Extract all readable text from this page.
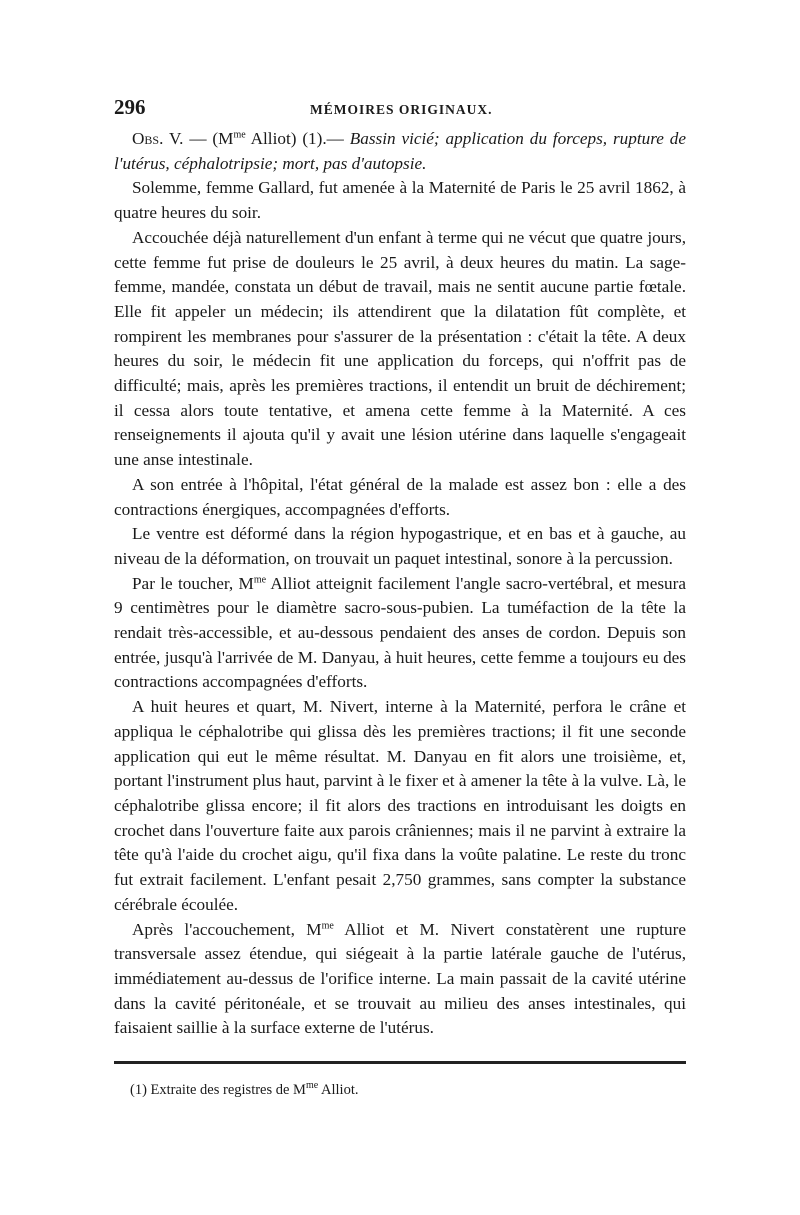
296	MÉMOIRES ORIGINAUX.

Obs. V. — ($M^{me}$ Alliot) (1).— Bassin vicié; application du forceps, rupture de l'utérus, céphalotripsie; mort, pas d'autopsie.

Solemme, femme Gallard, fut amenée à la Maternité de Paris le 25 avril 1862, à quatre heures du soir.

Accouchée déjà naturellement d'un enfant à terme qui ne vécut que quatre jours, cette femme fut prise de douleurs le 25 avril, à deux heures du matin. La sage-femme, mandée, constata un début de travail, mais ne sentit aucune partie fœtale. Elle fit appeler un médecin; ils attendirent que la dilatation fût complète, et rompirent les membranes pour s'assurer de la présentation : c'était la tête. A deux heures du soir, le médecin fit une application du forceps, qui n'offrit pas de difficulté; mais, après les premières tractions, il entendit un bruit de déchirement; il cessa alors toute tentative, et amena cette femme à la Maternité. A ces renseignements il ajouta qu'il y avait une lésion utérine dans laquelle s'engageait une anse intestinale.

A son entrée à l'hôpital, l'état général de la malade est assez bon : elle a des contractions énergiques, accompagnées d'efforts.

Le ventre est déformé dans la région hypogastrique, et en bas et à gauche, au niveau de la déformation, on trouvait un paquet intestinal, sonore à la percussion.

Par le toucher, $M^{me}$ Alliot atteignit facilement l'angle sacro-vertébral, et mesura 9 centimètres pour le diamètre sacro-sous-pubien. La tuméfaction de la tête la rendait très-accessible, et au-dessous pendaient des anses de cordon. Depuis son entrée, jusqu'à l'arrivée de M. Danyau, à huit heures, cette femme a toujours eu des contractions accompagnées d'efforts.

A huit heures et quart, M. Nivert, interne à la Maternité, perfora le crâne et appliqua le céphalotribe qui glissa dès les premières tractions; il fit une seconde application qui eut le même résultat. M. Danyau en fit alors une troisième, et, portant l'instrument plus haut, parvint à le fixer et à amener la tête à la vulve. Là, le céphalotribe glissa encore; il fit alors des tractions en introduisant les doigts en crochet dans l'ouverture faite aux parois crâniennes; mais il ne parvint à extraire la tête qu'à l'aide du crochet aigu, qu'il fixa dans la voûte palatine. Le reste du tronc fut extrait facilement. L'enfant pesait 2,750 grammes, sans compter la substance cérébrale écoulée.

Après l'accouchement, $M^{me}$ Alliot et M. Nivert constatèrent une rupture transversale assez étendue, qui siégeait à la partie latérale gauche de l'utérus, immédiatement au-dessus de l'orifice interne. La main passait de la cavité utérine dans la cavité péritonéale, et se trouvait au milieu des anses intestinales, qui faisaient saillie à la surface externe de l'utérus.

(1) Extraite des registres de $M^{me}$ Alliot.
